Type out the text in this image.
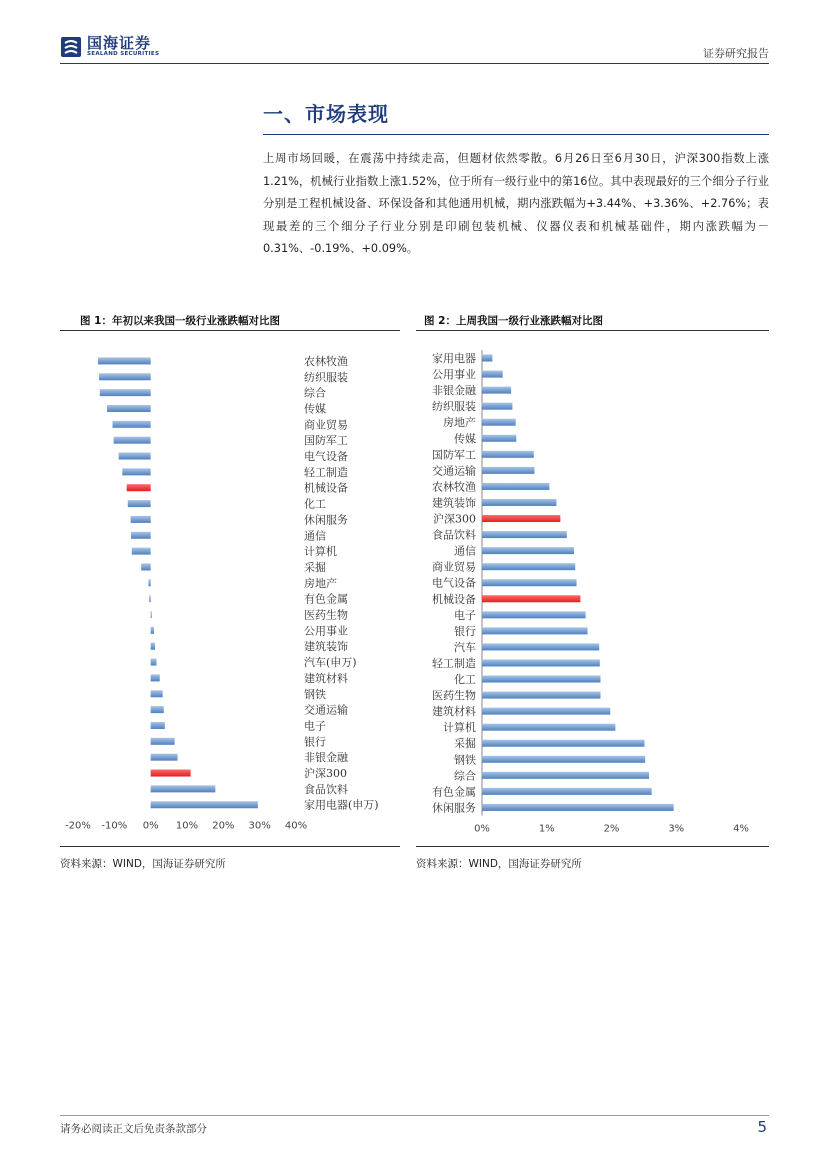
国海证券
SEALAND SECURITIES	证券研究报告
一、市场表现
上周市场回暖，在震荡中持续走高，但题材依然零散。6月26日至6月30日，沪深300指数上涨1.21%，机械行业指数上涨1.52%，位于所有一级行业中的第16位。其中表现最好的三个细分子行业分别是工程机械设备、环保设备和其他通用机械，期内涨跌幅为+3.44%、+3.36%、+2.76%；表现最差的三个细分子行业分别是印刷包装机械、仪器仪表和机械基础件，期内涨跌幅为－0.31%、-0.19%、+0.09%。
图 1：年初以来我国一级行业涨跌幅对比图	图 2：上周我国一级行业涨跌幅对比图
农林牧渔
纺织服装
综合
传媒
商业贸易
国防军工
电气设备
轻工制造
机械设备
化工
休闲服务
通信
计算机
采掘
房地产
有色金属
医药生物
公用事业
建筑装饰
汽车(申万)
建筑材料
钢铁
交通运输
电子
银行
非银金融
沪深300
食品饮料
家用电器(申万)
-20% -10% 0% 10% 20% 30% 40%
家用电器
公用事业
非银金融
纺织服装
房地产
传媒
国防军工
交通运输
农林牧渔
建筑装饰
沪深300
食品饮料
通信
商业贸易
电气设备
机械设备
电子
银行
汽车
轻工制造
化工
医药生物
建筑材料
计算机
采掘
钢铁
综合
有色金属
休闲服务
0%	1%	2%	3%	4%
资料来源：WIND，国海证券研究所	资料来源：WIND，国海证券研究所
请务必阅读正文后免责条款部分	5
